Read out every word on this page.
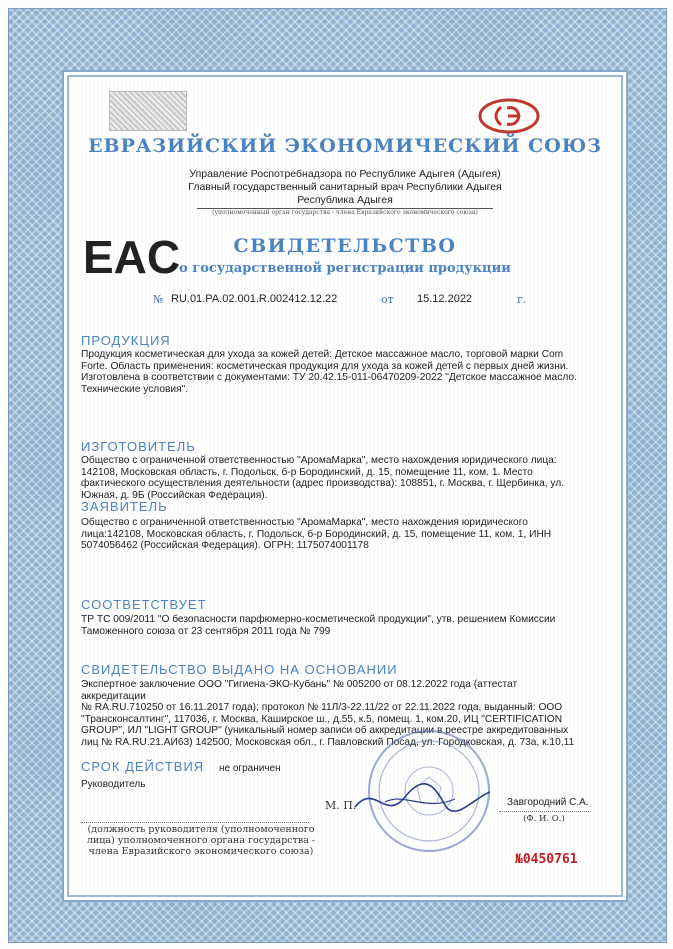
ЕВРАЗИЙСКИЙ ЭКОНОМИЧЕСКИЙ СОЮЗ
Управление Роспотребнадзора по Республике Адыгея (Адыгея)
Главный государственный санитарный врач Республики Адыгея
Республика Адыгея
(уполномоченный орган государства - члена Евразийского экономического союза)
EAC	СВИДЕТЕЛЬСТВО
о государственной регистрации продукции
№ RU.01.РА.02.001.R.002412.12.22	от 15.12.2022	г.
ПРОДУКЦИЯ
Продукция косметическая для ухода за кожей детей: Детское массажное масло, торговой марки Com
Forte. Область применения: косметическая продукция для ухода за кожей детей с первых дней жизни.
Изготовлена в соответствии с документами: ТУ 20.42.15-011-06470209-2022 "Детское массажное масло.
Технические условия".
ИЗГОТОВИТЕЛЬ
Общество с ограниченной ответственностью "АромаМарка", место нахождения юридического лица:
142108, Московская область, г. Подольск, б-р Бородинский, д. 15, помещение 11, ком. 1. Место
фактического осуществления деятельности (адрес производства): 108851, г. Москва, г. Щербинка, ул.
Южная, д. 9Б (Российская Федерация).
ЗАЯВИТЕЛЬ
Общество с ограниченной ответственностью "АромаМарка", место нахождения юридического
лица:142108, Московская область, г. Подольск, б-р Бородинский, д. 15, помещение 11, ком. 1, ИНН
5074056462 (Российская Федерация). ОГРН: 1175074001178
СООТВЕТСТВУЕТ
ТР ТС 009/2011 "О безопасности парфюмерно-косметической продукции", утв. решением Комиссии
Таможенного союза от 23 сентября 2011 года № 799
СВИДЕТЕЛЬСТВО ВЫДАНО НА ОСНОВАНИИ
Экспертное заключение ООО "Гигиена-ЭКО-Кубань" № 005200 от 08.12.2022 года (аттестат аккредитации
№ RA.RU.710250 от 16.11.2017 года); протокол № 11Л/3-22.11/22 от 22.11.2022 года, выданный: ООО
"Трансконсалтинг", 117036, г. Москва, Каширское ш., д.55, к.5, помещ. 1, ком.20, ИЦ "CERTIFICATION
GROUP", ИЛ "LIGHT GROUP" (уникальный номер записи об аккредитации в реестре аккредитованных
лиц № RA.RU.21.АИ63) 142500, Московская обл., г. Павловский Посад, ул. Городковская, д. 73а, к.10,11
СРОК ДЕЙСТВИЯ не ограничен
Руководитель
М. П.	Завгородний С.А.
(Ф. И. О.)
(должность руководителя (уполномоченного
лица) уполномоченного органа государства -
члена Евразийского экономического союза)
№0450761
